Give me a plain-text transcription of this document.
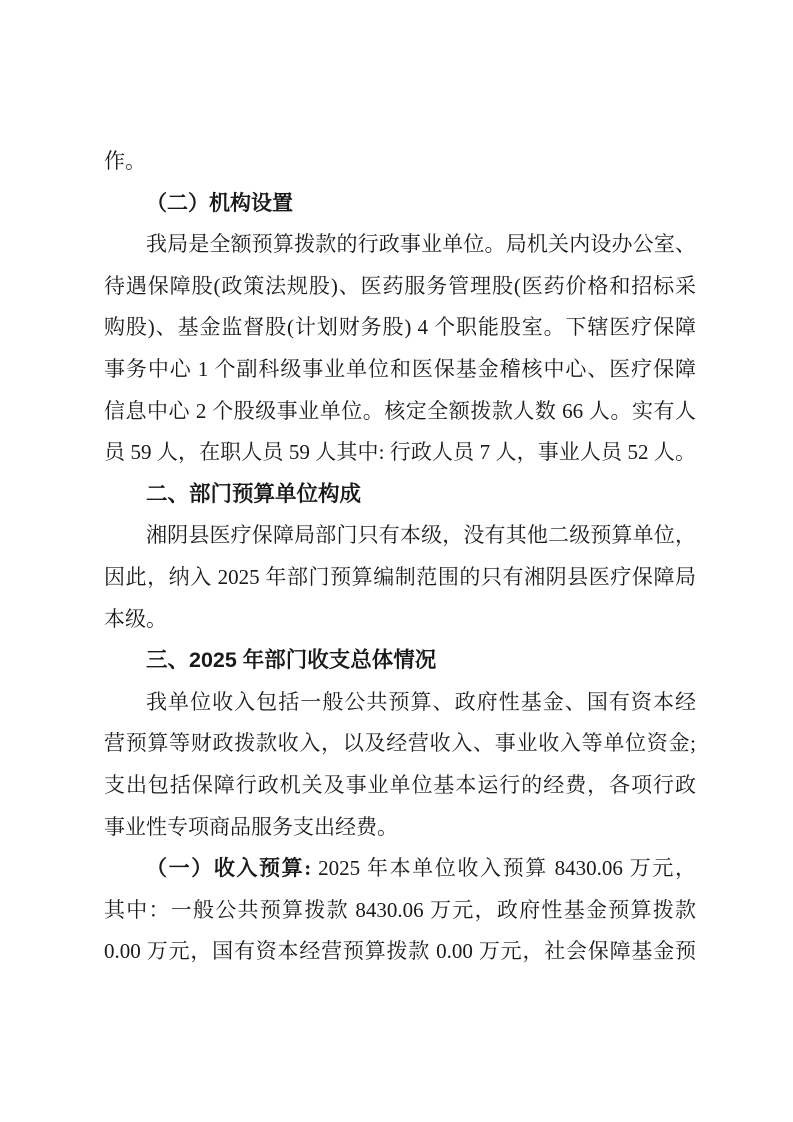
作。
（二）机构设置
我局是全额预算拨款的行政事业单位。局机关内设办公室、
待遇保障股(政策法规股)、医药服务管理股(医药价格和招标采
购股)、基金监督股(计划财务股) 4 个职能股室。下辖医疗保障
事务中心 1 个副科级事业单位和医保基金稽核中心、医疗保障
信息中心 2 个股级事业单位。核定全额拨款人数 66 人。实有人
员 59 人，在职人员 59 人其中: 行政人员 7 人，事业人员 52 人。
二、部门预算单位构成
湘阴县医疗保障局部门只有本级，没有其他二级预算单位，
因此，纳入 2025 年部门预算编制范围的只有湘阴县医疗保障局
本级。
三、2025 年部门收支总体情况
我单位收入包括一般公共预算、政府性基金、国有资本经
营预算等财政拨款收入，以及经营收入、事业收入等单位资金;
支出包括保障行政机关及事业单位基本运行的经费，各项行政
事业性专项商品服务支出经费。
（一）收入预算: 2025 年本单位收入预算 8430.06 万元，
其中：一般公共预算拨款 8430.06 万元，政府性基金预算拨款
0.00 万元，国有资本经营预算拨款 0.00 万元，社会保障基金预
